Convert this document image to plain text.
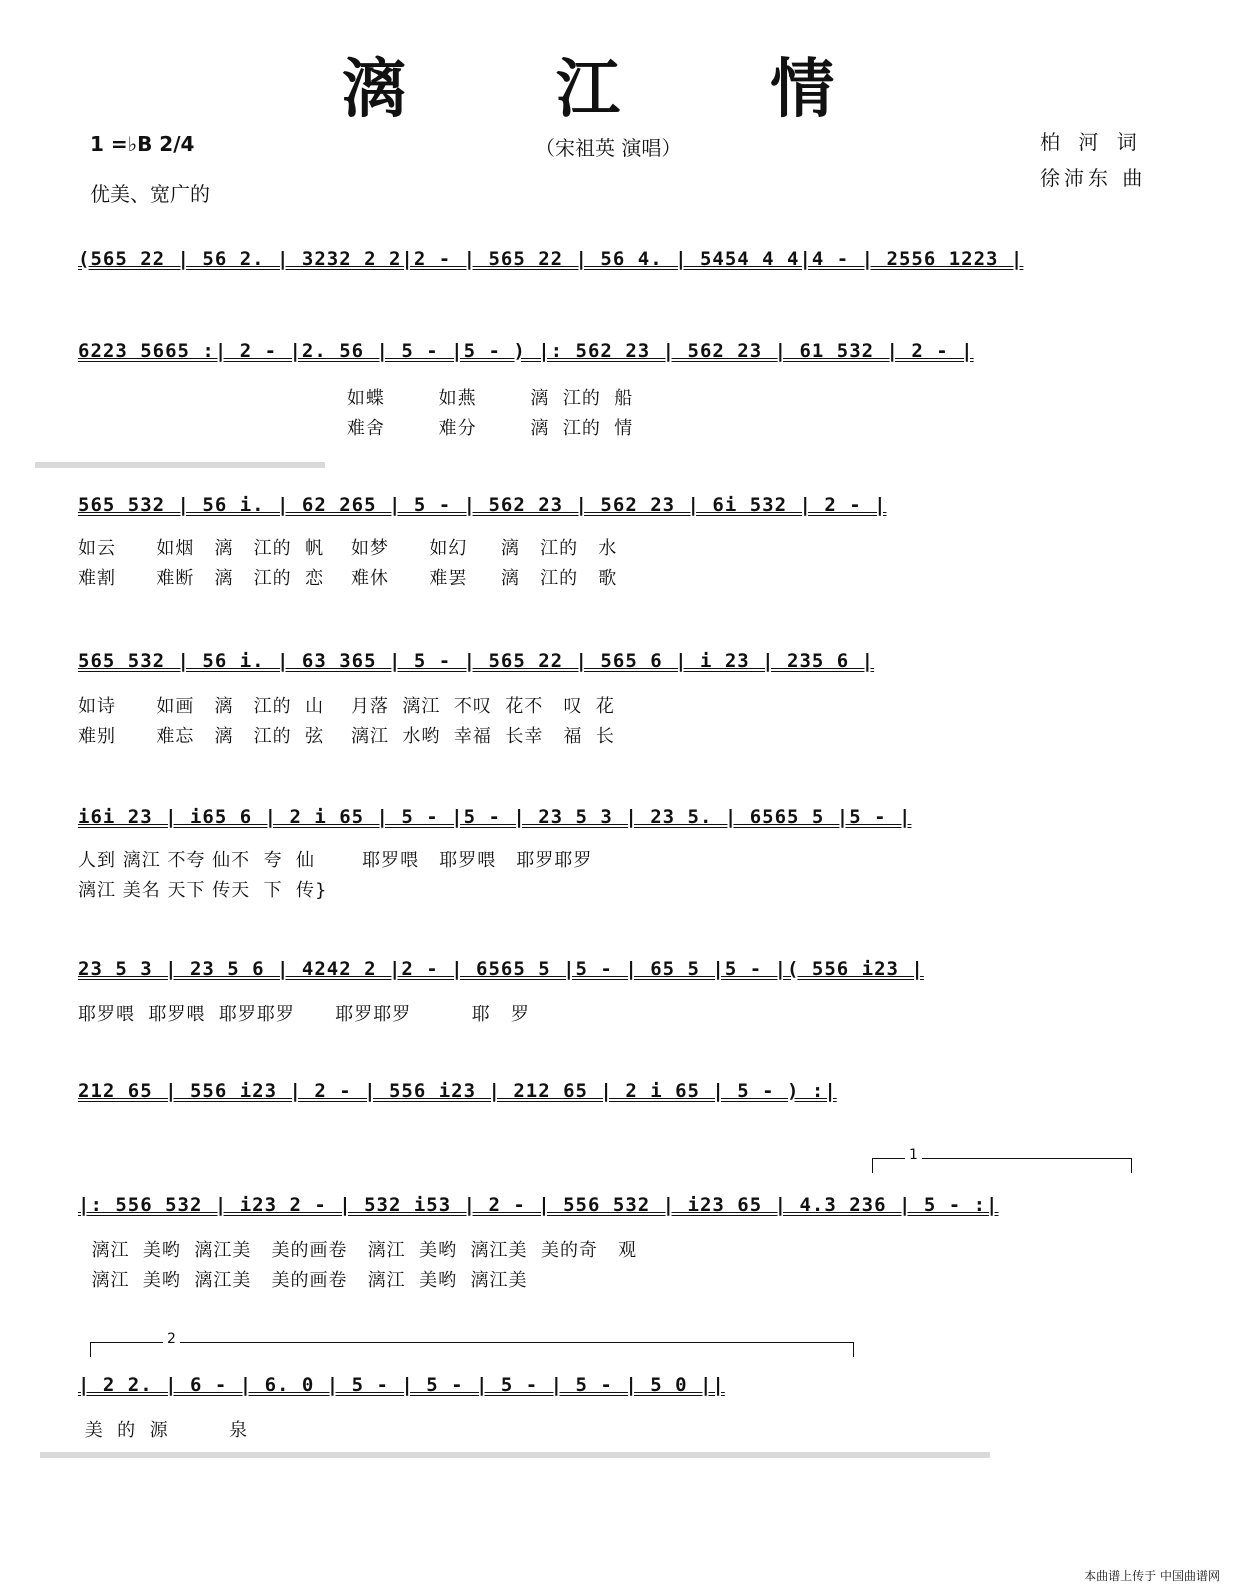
漓 江 情
（宋祖英 演唱）
1 =♭B 2/4
优美、宽广的
柏 河 词
徐沛东 曲
(565 22 | 56 2. | 3232 2 2|2 - | 565 22 | 56 4. | 5454 4 4|4 - | 2556 1223 |
6223 5665 :| 2 - |2. 56 | 5 - |5 - ) |: 562 23 | 562 23 | 61 532 | 2 - |
如蝶        如燕        漓  江的  船
难舍        难分        漓  江的  情
565 532 | 56 i. | 62 265 | 5 - | 562 23 | 562 23 | 6i 532 | 2 - |
如云      如烟   漓   江的  帆    如梦      如幻     漓   江的   水
难割      难断   漓   江的  恋    难休      难罢     漓   江的   歌
565 532 | 56 i. | 63 365 | 5 - | 565 22 | 565 6 | i 23 | 235 6 |
如诗      如画   漓   江的  山    月落  漓江  不叹  花不   叹  花
难别      难忘   漓   江的  弦    漓江  水哟  幸福  长幸   福  长
i6i 23 | i65 6 | 2 i 65 | 5 - |5 - | 23 5 3 | 23 5. | 6565 5 |5 - |
人到 漓江 不夸 仙不  夸  仙       耶罗喂   耶罗喂   耶罗耶罗
漓江 美名 天下 传天  下  传}
23 5 3 | 23 5 6 | 4242 2 |2 - | 6565 5 |5 - | 65 5 |5 - |( 556 i23 |
耶罗喂  耶罗喂  耶罗耶罗      耶罗耶罗         耶   罗
212 65 | 556 i23 | 2 - | 556 i23 | 212 65 | 2 i 65 | 5 - ) :|
1
|: 556 532 | i23 2 - | 532 i53 | 2 - | 556 532 | i23 65 | 4.3 236 | 5 - :|
漓江  美哟  漓江美   美的画卷   漓江  美哟  漓江美  美的奇   观
漓江  美哟  漓江美   美的画卷   漓江  美哟  漓江美
2
| 2 2. | 6 - | 6. 0 | 5 - | 5 - | 5 - | 5 - | 5 0 ||
美  的  源         泉
本曲谱上传于 中国曲谱网
